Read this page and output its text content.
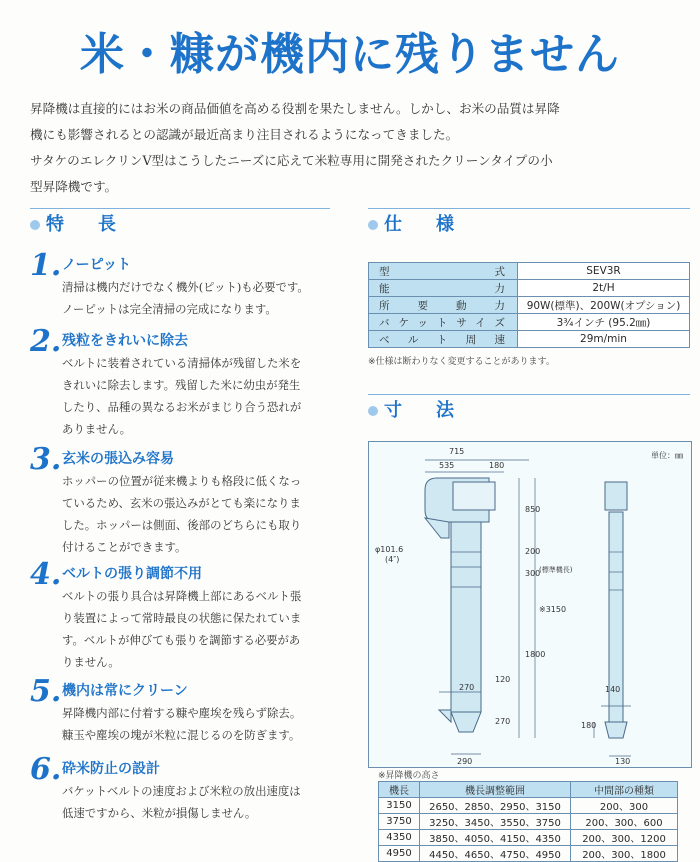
米・糠が機内に残りません

昇降機は直接的にはお米の商品価値を高める役割を果たしません。しかし、お米の品質は昇降

機にも影響されるとの認識が最近高まり注目されるようになってきました。

サタケのエレクリンV型はこうしたニーズに応えて米粒専用に開発されたクリーンタイプの小

型昇降機です。

特　長
1. ノーピット
清掃は機内だけでなく機外(ピット)も必要です。
ノーピットは完全清掃の完成になります。
2. 残粒をきれいに除去
ベルトに装着されている清掃体が残留した米を
きれいに除去します。残留した米に幼虫が発生
したり、品種の異なるお米がまじり合う恐れが
ありません。
3. 玄米の張込み容易
ホッパーの位置が従来機よりも格段に低くなっ
ているため、玄米の張込みがとても楽になりま
した。ホッパーは側面、後部のどちらにも取り
付けることができます。
4. ベルトの張り調節不用
ベルトの張り具合は昇降機上部にあるベルト張
り装置によって常時最良の状態に保たれていま
す。ベルトが伸びても張りを調節する必要があ
りません。
5. 機内は常にクリーン
昇降機内部に付着する糠や塵埃を残らず除去。
糠玉や塵埃の塊が米粒に混じるのを防ぎます。
6. 砕米防止の設計
バケットベルトの速度および米粒の放出速度は
低速ですから、米粒が損傷しません。
仕　様
型式	SEV3R
能力	2t/H
所要動力	90W(標準)、200W(オプション)
バケットサイズ	3¾インチ (95.2㎜)
ベルト周速	29m/min
※仕様は断わりなく変更することがあります。
寸　法
単位：㎜
715
535	180
φ101.6
(4″)
850
200
300
(標準機長)
※3150
1800
270
120
270
290
140
180
130
※昇降機の高さ
機長	機長調整範囲	中間部の種類
3150	2650、2850、2950、3150	200、300
3750	3250、3450、3550、3750	200、300、600
4350	3850、4050、4150、4350	200、300、1200
4950	4450、4650、4750、4950	200、300、1800
